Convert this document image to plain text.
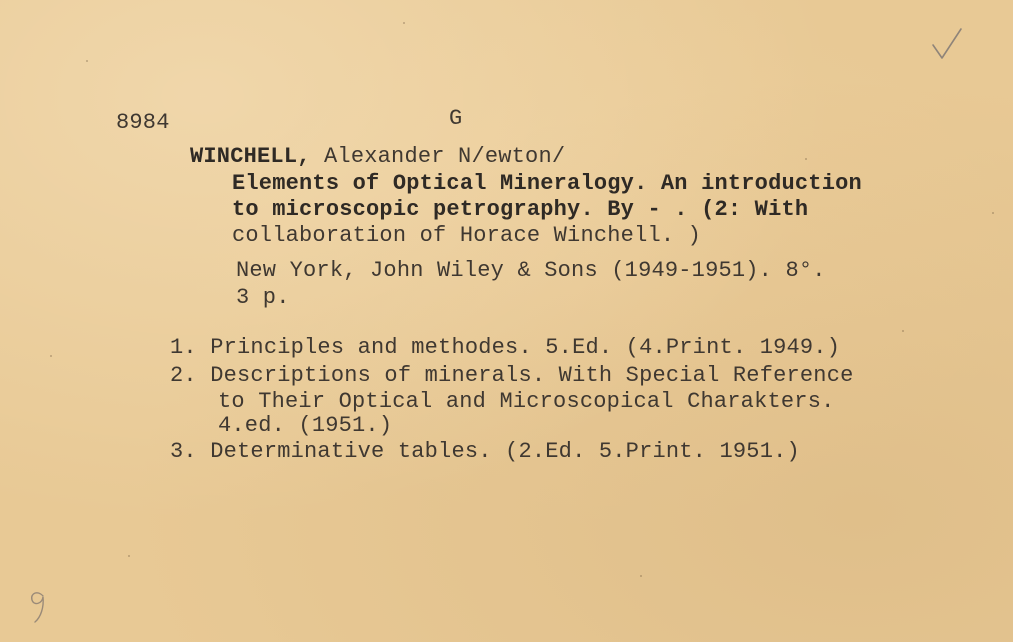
8984	G
WINCHELL, Alexander N/ewton/
Elements of Optical Mineralogy. An introduction
to microscopic petrography. By - . (2: With
collaboration of Horace Winchell. )
New York, John Wiley & Sons (1949-1951). 8°.
3 p.
1. Principles and methodes. 5.Ed. (4.Print. 1949.)
2. Descriptions of minerals. With Special Reference
to Their Optical and Microscopical Charakters.
4.ed. (1951.)
3. Determinative tables. (2.Ed. 5.Print. 1951.)
